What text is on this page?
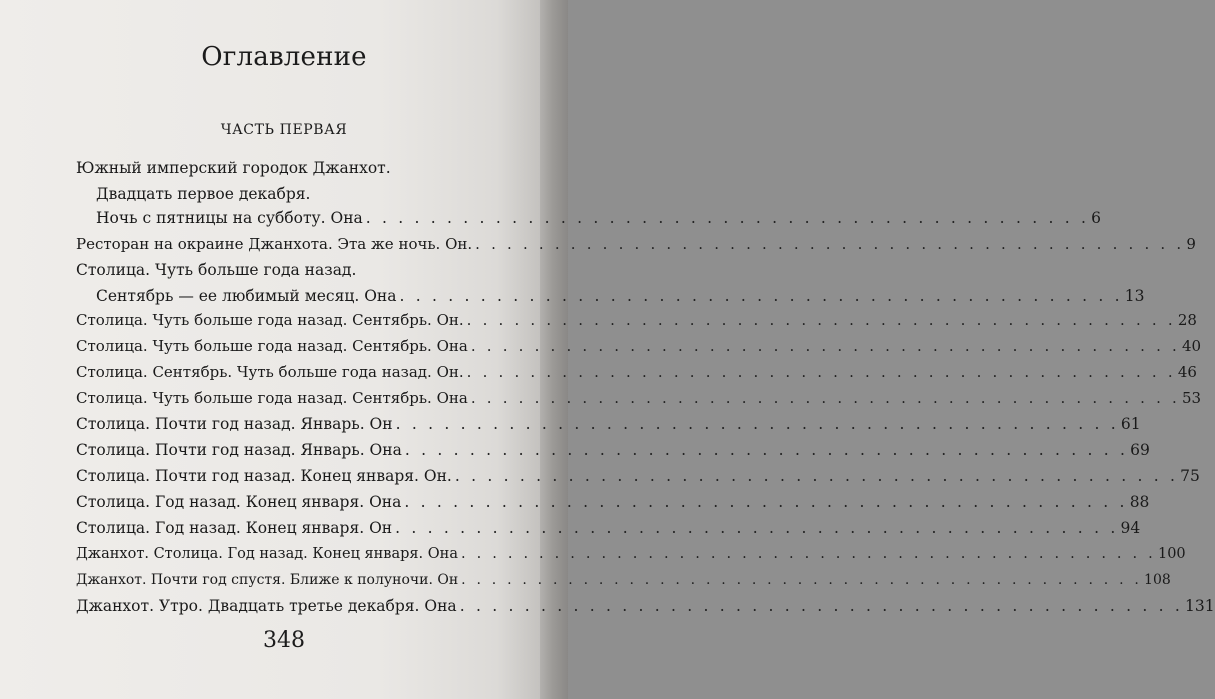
Оглавление
ЧАСТЬ ПЕРВАЯ
Южный имперский городок Джанхот.
Двадцать первое декабря.
Ночь с пятницы на субботу. Она . . . . . . . . . . . . . . . . . . . . . . . . . . . . . . . . . . . . . . . . . . . . . 6
Ресторан на окраине Джанхота. Эта же ночь. Он. . . . . . . . . . . . . . . . . . . . . . . . . . . . . . . . . . . . . . . . . . . . . . 9
Столица. Чуть больше года назад.
Сентябрь — ее любимый месяц. Она . . . . . . . . . . . . . . . . . . . . . . . . . . . . . . . . . . . . . . . . . . . . . 13
Столица. Чуть больше года назад. Сентябрь. Он. . . . . . . . . . . . . . . . . . . . . . . . . . . . . . . . . . . . . . . . . . . . . . 28
Столица. Чуть больше года назад. Сентябрь. Она . . . . . . . . . . . . . . . . . . . . . . . . . . . . . . . . . . . . . . . . . . . . . 40
Столица. Сентябрь. Чуть больше года назад. Он. . . . . . . . . . . . . . . . . . . . . . . . . . . . . . . . . . . . . . . . . . . . . . 46
Столица. Чуть больше года назад. Сентябрь. Она . . . . . . . . . . . . . . . . . . . . . . . . . . . . . . . . . . . . . . . . . . . . . 53
Столица. Почти год назад. Январь. Он . . . . . . . . . . . . . . . . . . . . . . . . . . . . . . . . . . . . . . . . . . . . . 61
Столица. Почти год назад. Январь. Она . . . . . . . . . . . . . . . . . . . . . . . . . . . . . . . . . . . . . . . . . . . . . 69
Столица. Почти год назад. Конец января. Он. . . . . . . . . . . . . . . . . . . . . . . . . . . . . . . . . . . . . . . . . . . . . . 75
Столица. Год назад. Конец января. Она . . . . . . . . . . . . . . . . . . . . . . . . . . . . . . . . . . . . . . . . . . . . . 88
Столица. Год назад. Конец января. Он . . . . . . . . . . . . . . . . . . . . . . . . . . . . . . . . . . . . . . . . . . . . . 94
Джанхот. Столица. Год назад. Конец января. Она . . . . . . . . . . . . . . . . . . . . . . . . . . . . . . . . . . . . . . . . . . . . . 100
Джанхот. Почти год спустя. Ближе к полуночи. Он . . . . . . . . . . . . . . . . . . . . . . . . . . . . . . . . . . . . . . . . . . . . . 108
Джанхот. Утро. Двадцать третье декабря. Она . . . . . . . . . . . . . . . . . . . . . . . . . . . . . . . . . . . . . . . . . . . . . 131
348
